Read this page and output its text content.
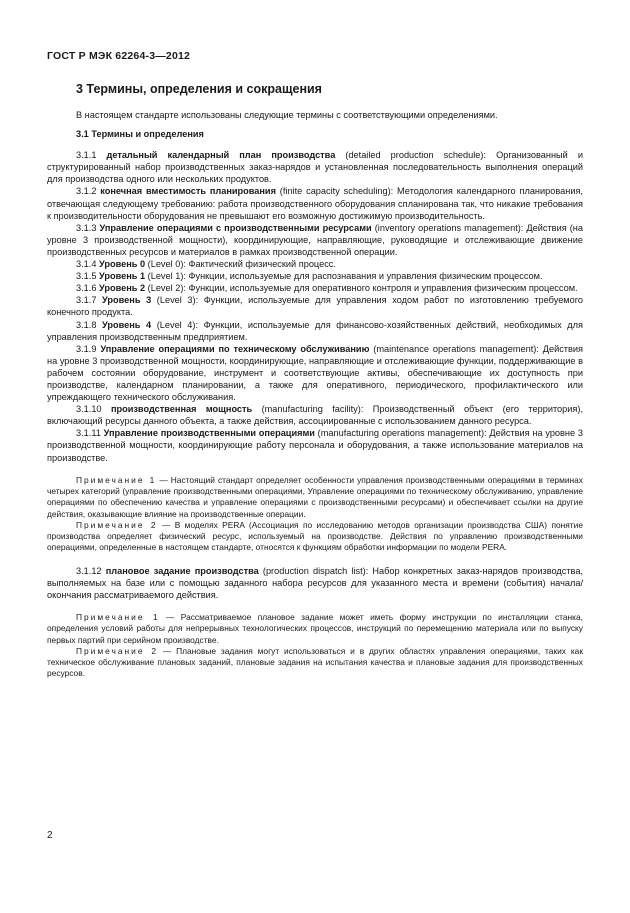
ГОСТ Р МЭК 62264-3—2012
3 Термины, определения и сокращения

В настоящем стандарте использованы следующие термины с соответствующими определениями.

3.1 Термины и определения

3.1.1 детальный календарный план производства (detailed production schedule): Организованный и структурированный набор производственных заказ-нарядов и установленная последовательность выполнения операций для производства одного или нескольких продуктов.

3.1.2 конечная вместимость планирования (finite capacity scheduling): Методология календарного планирования, отвечающая следующему требованию: работа производственного оборудования спланирована так, что никакие требования к производительности оборудования не превышают его возможную достижимую производительность.

3.1.3 Управление операциями с производственными ресурсами (inventory operations management): Действия (на уровне 3 производственной мощности), координирующие, направляющие, руководящие и отслеживающие движение производственных ресурсов и материалов в рамках производственной операции.

3.1.4 Уровень 0 (Level 0): Фактический физический процесс.

3.1.5 Уровень 1 (Level 1): Функции, используемые для распознавания и управления физическим процессом.

3.1.6 Уровень 2 (Level 2): Функции, используемые для оперативного контроля и управления физическим процессом.

3.1.7 Уровень 3 (Level 3): Функции, используемые для управления ходом работ по изготовлению требуемого конечного продукта.

3.1.8 Уровень 4 (Level 4): Функции, используемые для финансово-хозяйственных действий, необходимых для управления производственным предприятием.

3.1.9 Управление операциями по техническому обслуживанию (maintenance operations management): Действия на уровне 3 производственной мощности, координирующие, направляющие и отслеживающие функции, поддерживающие в рабочем состоянии оборудование, инструмент и соответствующие активы, обеспечивающие их доступность при производстве, календарном планировании, а также для оперативного, периодического, профилактического или упреждающего технического обслуживания.

3.1.10 производственная мощность (manufacturing facility): Производственный объект (его территория), включающий ресурсы данного объекта, а также действия, ассоциированные с использованием данного ресурса.

3.1.11 Управление производственными операциями (manufacturing operations management): Действия на уровне 3 производственной мощности, координирующие работу персонала и оборудования, а также использование материалов на производстве.

Примечание 1 — Настоящий стандарт определяет особенности управления производственными операциями в терминах четырех категорий (управление производственными операциями, Управление операциями по техническому обслуживанию, управление операциями по обеспечению качества и управление операциями с производственными ресурсами) и обеспечивает ссылки на другие действия, оказывающие влияние на производственные операции.

Примечание 2 — В моделях PERA (Ассоциация по исследованию методов организации производства США) понятие производства определяет физический ресурс, используемый на производстве. Действия по управлению производственными операциями, определенные в настоящем стандарте, относятся к функциям обработки информации по модели PERA.

3.1.12 плановое задание производства (production dispatch list): Набор конкретных заказ-нарядов производства, выполняемых на базе или с помощью заданного набора ресурсов для указанного места и времени (события) начала/окончания рассматриваемого действия.

Примечание 1 — Рассматриваемое плановое задание может иметь форму инструкции по инсталляции станка, определения условий работы для непрерывных технологических процессов, инструкций по перемещению материала или по выпуску первых партий при серийном производстве.

Примечание 2 — Плановые задания могут использоваться и в других областях управления операциями, таких как техническое обслуживание плановых заданий, плановые задания на испытания качества и плановые задания для производственных ресурсов.

2
